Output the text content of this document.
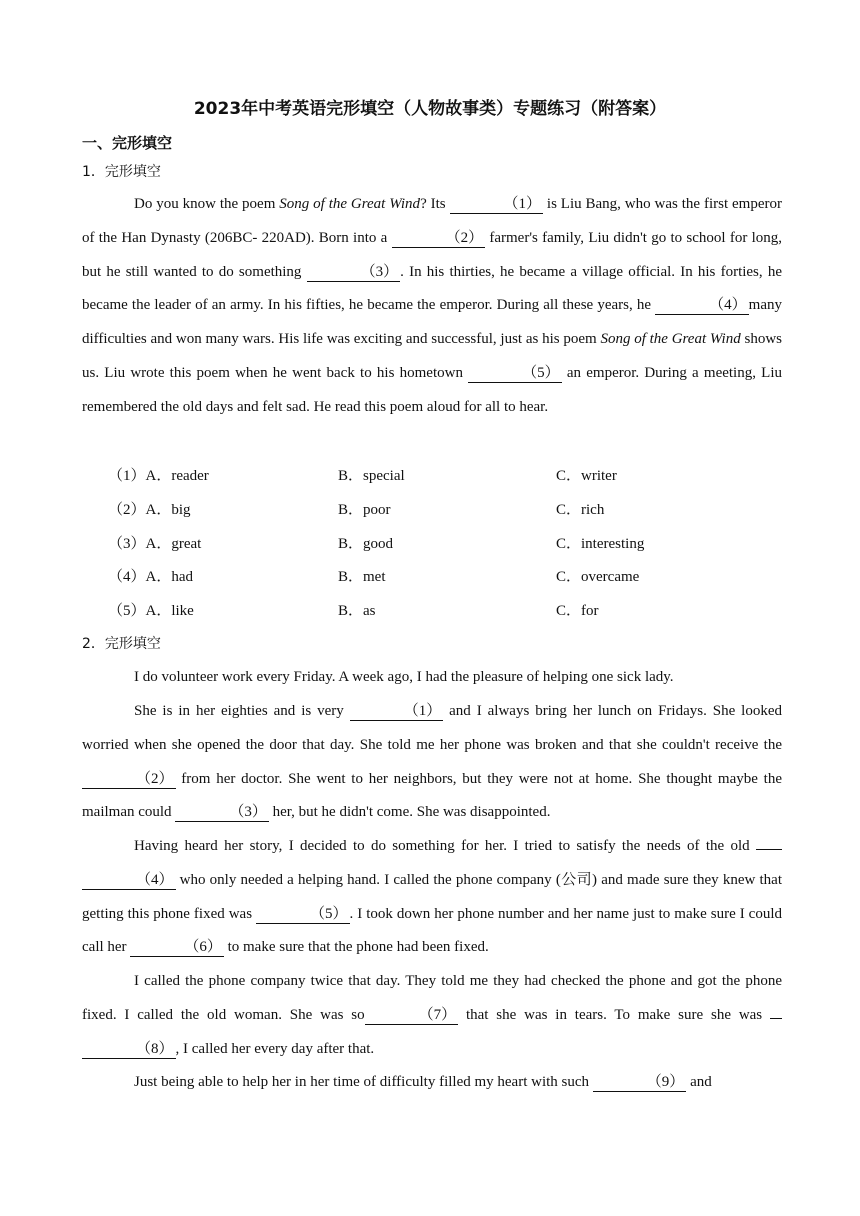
2023年中考英语完形填空（人物故事类）专题练习（附答案）
一、完形填空
1．完形填空
Do you know the poem Song of the Great Wind? Its	（1） is Liu Bang, who was the first emperor of the Han Dynasty (206BC- 220AD). Born into a	（2） farmer's family, Liu didn't go to school for long, but he still wanted to do something	（3） . In his thirties, he became a village official. In his forties, he became the leader of an army. In his fifties, he became the emperor. During all these years, he	（4） many difficulties and won many wars. His life was exciting and successful, just as his poem Song of the Great Wind shows us. Liu wrote this poem when he went back to his hometown	（5） an emperor. During a meeting, Liu remembered the old days and felt sad. He read this poem aloud for all to hear.
（1）A．reader	B．special	C．writer
（2）A．big	B．poor	C．rich
（3）A．great	B．good	C．interesting
（4）A．had	B．met	C．overcame
（5）A．like	B．as	C．for
2．完形填空
I do volunteer work every Friday. A week ago, I had the pleasure of helping one sick lady.
She is in her eighties and is very	（1） and I always bring her lunch on Fridays. She looked worried when she opened the door that day. She told me her phone was broken and that she couldn't receive the （2） from her doctor. She went to her neighbors, but they were not at home. She thought maybe the mailman could	（3） her, but he didn't come. She was disappointed.
Having heard her story, I decided to do something for her. I tried to satisfy the needs of the old （4） who only needed a helping hand. I called the phone company (公司) and made sure they knew that getting this phone fixed was	（5） . I took down her phone number and her name just to make sure I could call her	（6） to make sure that the phone had been fixed.
I called the phone company twice that day. They told me they had checked the phone and got the phone fixed. I called the old woman. She was so	（7） that she was in tears. To make sure she was （8） , I called her every day after that.
Just being able to help her in her time of difficulty filled my heart with such	（9） and
